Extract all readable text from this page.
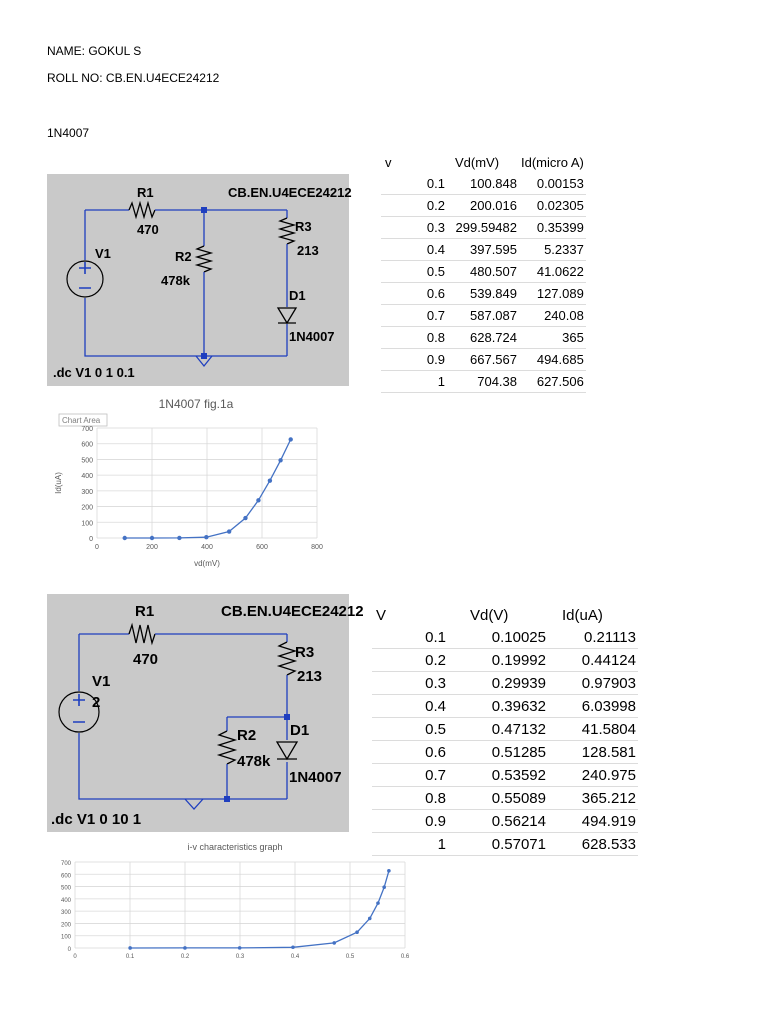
NAME: GOKUL S
ROLL NO: CB.EN.U4ECE24212
1N4007
R1
470
CB.EN.U4ECE24212
R3
213
R2
478k
V1
D1
1N4007
.dc V1 0 1 0.1
v	Vd(mV)	Id(micro A)
0.1	100.848	0.00153
0.2	200.016	0.02305
0.3	299.59482	0.35399
0.4	397.595	5.2337
0.5	480.507	41.0622
0.6	539.849	127.089
0.7	587.087	240.08
0.8	628.724	365
0.9	667.567	494.685
1	704.38	627.506
1N4007 fig.1a
Chart Area
0
100
200
300
400
500
600
700
0	200	400	600	800
vd(mV)
Id(uA)
R1
470
CB.EN.U4ECE24212
R3
213
R2
478k
V1
2
D1
1N4007
.dc V1 0 10 1
V	Vd(V)	Id(uA)
0.1	0.10025	0.21113
0.2	0.19992	0.44124
0.3	0.29939	0.97903
0.4	0.39632	6.03998
0.5	0.47132	41.5804
0.6	0.51285	128.581
0.7	0.53592	240.975
0.8	0.55089	365.212
0.9	0.56214	494.919
1	0.57071	628.533
i-v characteristics graph
0
100
200
300
400
500
600
700
0	0.1	0.2	0.3	0.4	0.5	0.6
